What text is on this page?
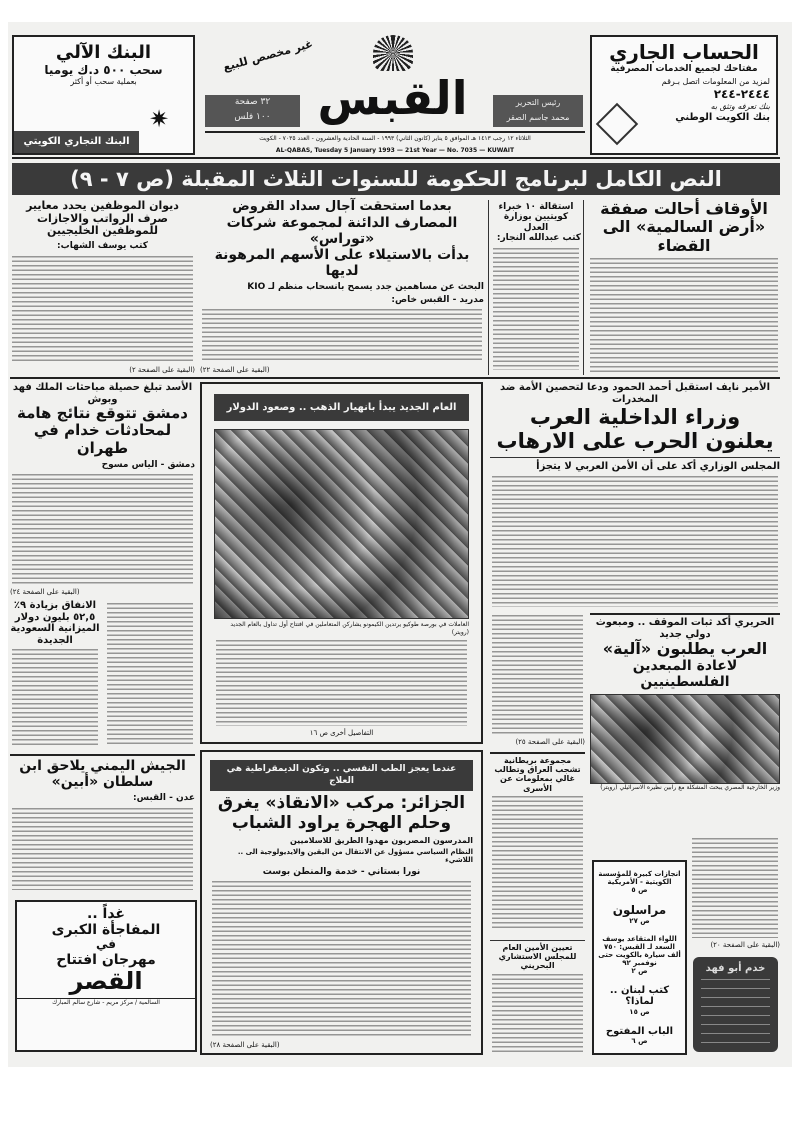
الحساب الجاري
مفتاحك لجميع الخدمات المصرفية
لمزيد من المعلومات اتصل بـرقم
٢٤٤٤-٢٤٤
بنك تعرفه وتثق به
بنك الكويت الوطني
رئيس التحرير
محمد جاسم الصقر
القبس
غير مخصص للبيع
٣٢ صفحة
١٠٠ فلس
البنك الآلي
سحب ٥٠٠ د.ك يوميا
بعملية سحب أو أكثر
✷
البنك التجاري الكويتي	الثلاثاء ١٢ رجب ١٤١٣ هـ الموافق ٥ يناير (كانون الثاني) ١٩٩٣ - السنة الحادية والعشرون - العدد ٧٠٣٥ - الكويت
AL-QABAS, Tuesday 5 January 1993 — 21st Year — No. 7035 — KUWAIT
النص الكامل لبرنامج الحكومة للسنوات الثلاث المقبلة (ص ٧ - ٩)
الأوقاف أحالت صفقة
«أرض السالمية» الى القضاء
استقالة ١٠ خبراء كويتيين بوزارة العدل
كتب عبدالله النجار:
بعدما استحقت آجال سداد القروض
المصارف الدائنة لمجموعة شركات «توراس»
بدأت بالاستيلاء على الأسهم المرهونة لديها
البحث عن مساهمين جدد يسمح بانسحاب منظم لـ KIO
مدريد - القبس خاص:
(البقية على الصفحة ٢٢)
ديوان الموظفين يحدد معايير صرف الرواتب والاجازات للموظفين الخليجيين
كتب يوسف الشهاب:
(البقية على الصفحة ٢)
الأمير نايف استقبل أحمد الحمود ودعا لتحصين الأمة ضد المخدرات
وزراء الداخلية العرب
يعلنون الحرب على الارهاب
المجلس الوزاري أكد على أن الأمن العربي لا يتجزأ
(البقية على الصفحة ٢٥)
الحريري أكد ثبات الموقف .. ومبعوث دولي جديد
العرب يطلبون «آلية»
لاعادة المبعدين الفلسطينيين
وزير الخارجية المصري يبحث المشكلة مع رابين نظيره الاسرائيلي (رويتر)
(البقية على الصفحة ٢٠)
العام الجديد يبدأ بانهيار الذهب .. وصعود الدولار
العاملات في بورصة طوكيو يرتدين الكيمونو يشاركن المتعاملين في افتتاح أول تداول بالعام الجديد (رويتر)
التفاصيل أخرى ص ١٦
الأسد تبلغ حصيلة مباحثات الملك فهد وبوش
دمشق تتوقع نتائج هامة لمحادثات خدام في طهران
دمشق - الياس مسوح
(البقية على الصفحة ٢٤)
الانفاق بزيادة ٩٪ ٥٢,٥ بليون دولار الميزانية السعودية الجديدة
الجيش اليمني يلاحق ابن سلطان «أبين»
عدن - القبس:
غداً ..
المفاجأة الكبرى
في
مهرجان افتتاح
القصر
السالمية / مركز مريم - شارع سالم المبارك
عندما يعجز الطب النفسي .. وتكون الديمقراطية هي العلاج
الجزائر: مركب «الانقاذ» يغرق
وحلم الهجرة يراود الشباب
المدرسون المصريون مهدوا الطريق للاسلاميين
النظام السياسي مسؤول عن الانتقال من اليقين والايديولوجية الى .. اللاشيء
نورا بستاني - خدمة والمنطن بوست
(البقية على الصفحة ٢٨)
مجموعة بريطانية تشجب العراق وتطالب غالي بمعلومات عن الأسرى
تعيين الأمين العام للمجلس الاستشاري البحريني
انجازات كبيرة للمؤسسة الكويتية - الأمريكية
ص ٥
مراسلون
ص ٢٧
اللواء المتقاعد يوسف السعد لـ القبس: ٧٥٠ ألف سيارة بالكويت حتى نوفمبر ٩٢
ص ٢
كتب لبنان .. لماذا؟
ص ١٥
الباب المفتوح
ص ٦
خدم أبو فهد
